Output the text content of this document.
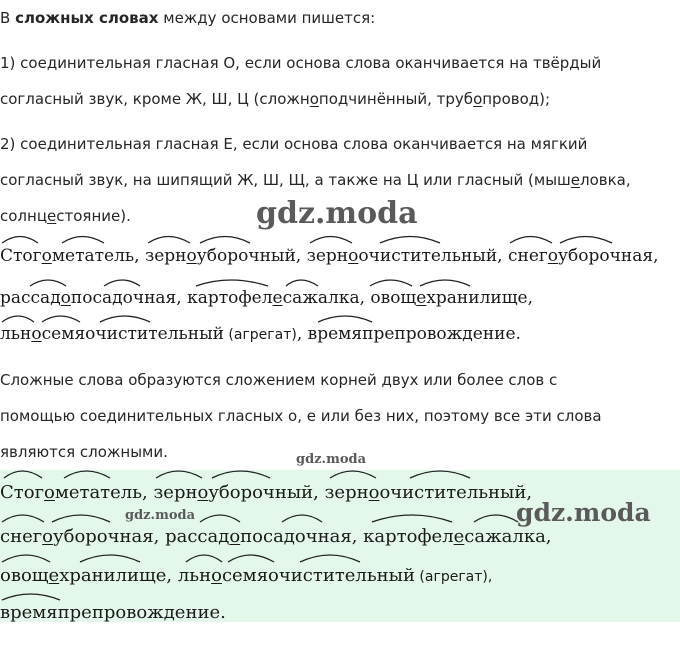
В сложных словах между основами пишется:
1) соединительная гласная О, если основа слова оканчивается на твёрдый
согласный звук, кроме Ж, Ш, Ц (сложноподчинённый, трубопровод);
2) соединительная гласная Е, если основа слова оканчивается на мягкий
согласный звук, на шипящий Ж, Ш, Щ, а также на Ц или гласный (мышеловка,
солнцестояние).
Стогометатель, зерноуборочный, зерноочистительный, снегоуборочная,
рассадопосадочная, картофелесажалка, овощехранилище,
льносемяочистительный (агрегат), времяпрепровождение.
Сложные слова образуются сложением корней двух или более слов с
помощью соединительных гласных о, е или без них, поэтому все эти слова
являются сложными.
Стогометатель, зерноуборочный, зерноочистительный,
снегоуборочная, рассадопосадочная, картофелесажалка,
овощехранилище, льносемяочистительный (агрегат),
времяпрепровождение.
gdz.moda
gdz.moda
gdz.moda	gdz.moda
